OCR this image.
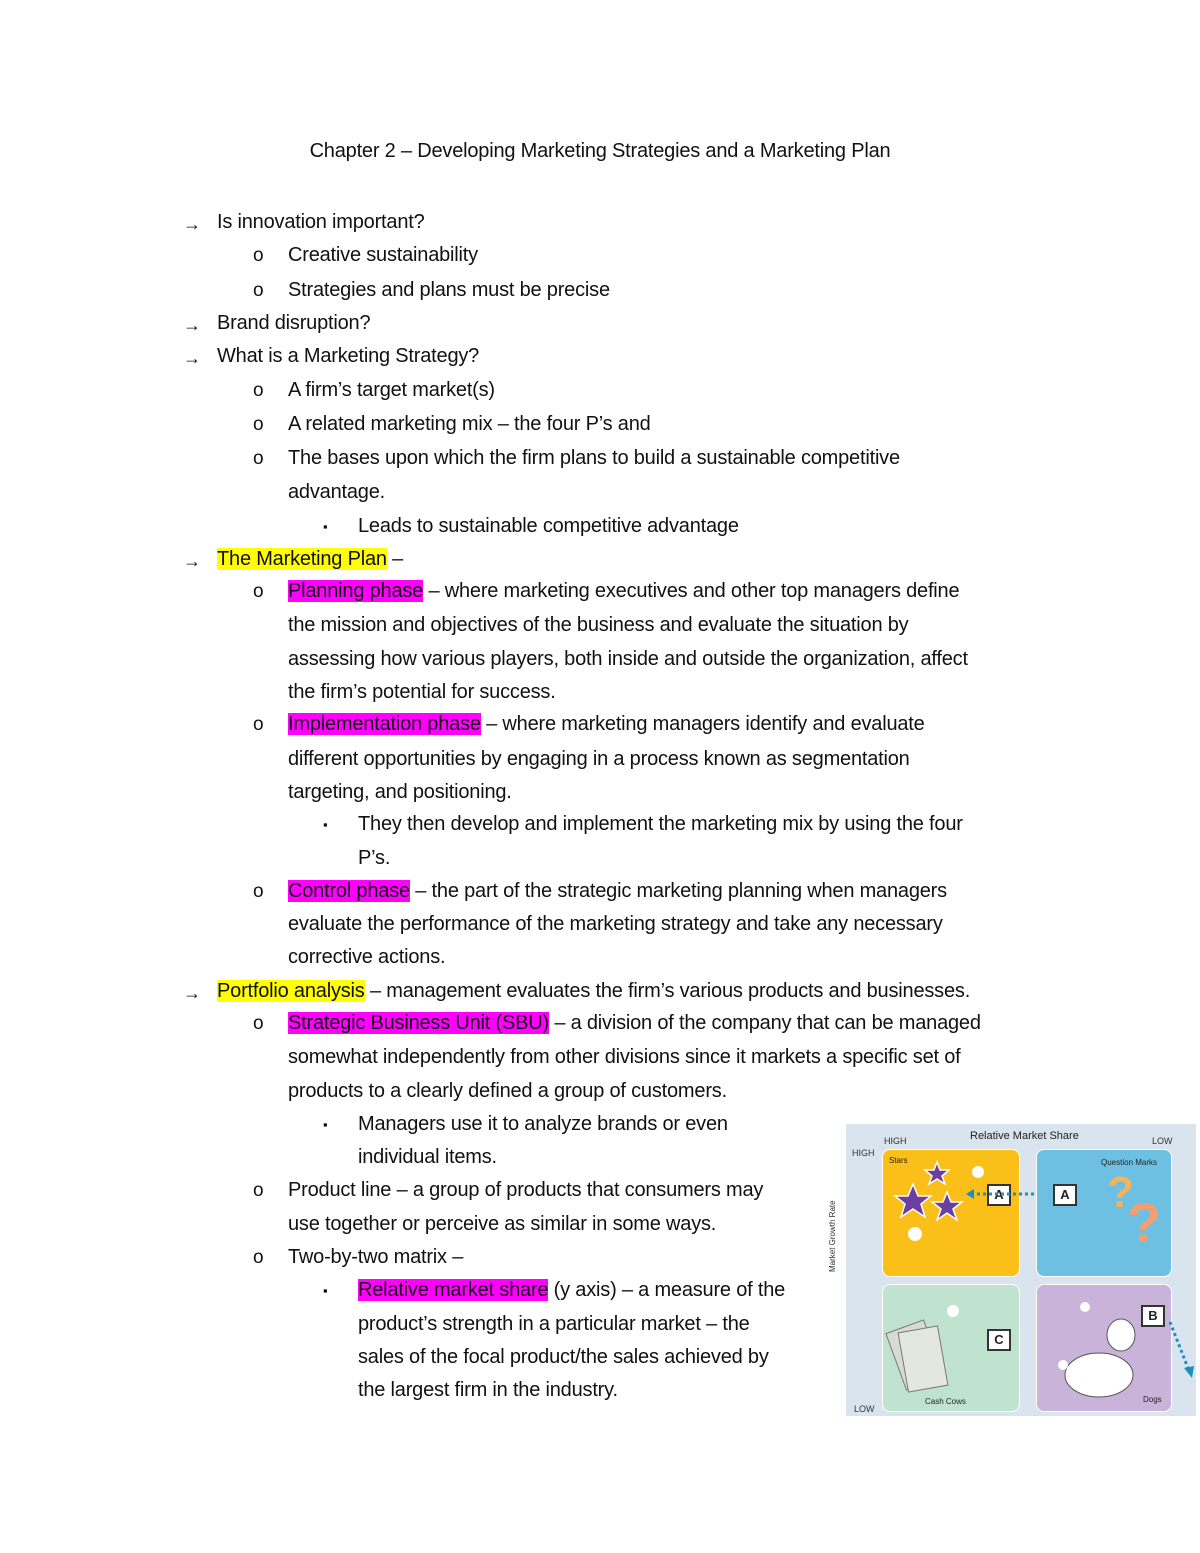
Chapter 2 – Developing Marketing Strategies and a Marketing Plan
→ Is innovation important?
o Creative sustainability
o Strategies and plans must be precise
→ Brand disruption?
→ What is a Marketing Strategy?
o A firm’s target market(s)
o A related marketing mix – the four P’s and
o The bases upon which the firm plans to build a sustainable competitive
advantage.
▪ Leads to sustainable competitive advantage
→ The Marketing Plan –
o Planning phase – where marketing executives and other top managers define
the mission and objectives of the business and evaluate the situation by
assessing how various players, both inside and outside the organization, affect
the firm’s potential for success.
o Implementation phase – where marketing managers identify and evaluate
different opportunities by engaging in a process known as segmentation
targeting, and positioning.
▪ They then develop and implement the marketing mix by using the four
P’s.
o Control phase – the part of the strategic marketing planning when managers
evaluate the performance of the marketing strategy and take any necessary
corrective actions.
→ Portfolio analysis – management evaluates the firm’s various products and businesses.
o Strategic Business Unit (SBU) – a division of the company that can be managed
somewhat independently from other divisions since it markets a specific set of
products to a clearly defined a group of customers.
▪ Managers use it to analyze brands or even
individual items.
o Product line – a group of products that consumers may
use together or perceive as similar in some ways.
o Two-by-two matrix –
▪ Relative market share (y axis) – a measure of the
product’s strength in a particular market – the
sales of the focal product/the sales achieved by
the largest firm in the industry.
HIGH	Relative Market Share	LOW
HIGH
LOW
Market Growth Rate
Stars
A
Question Marks
A ?
?
Cash Cows
C
Dogs
B
